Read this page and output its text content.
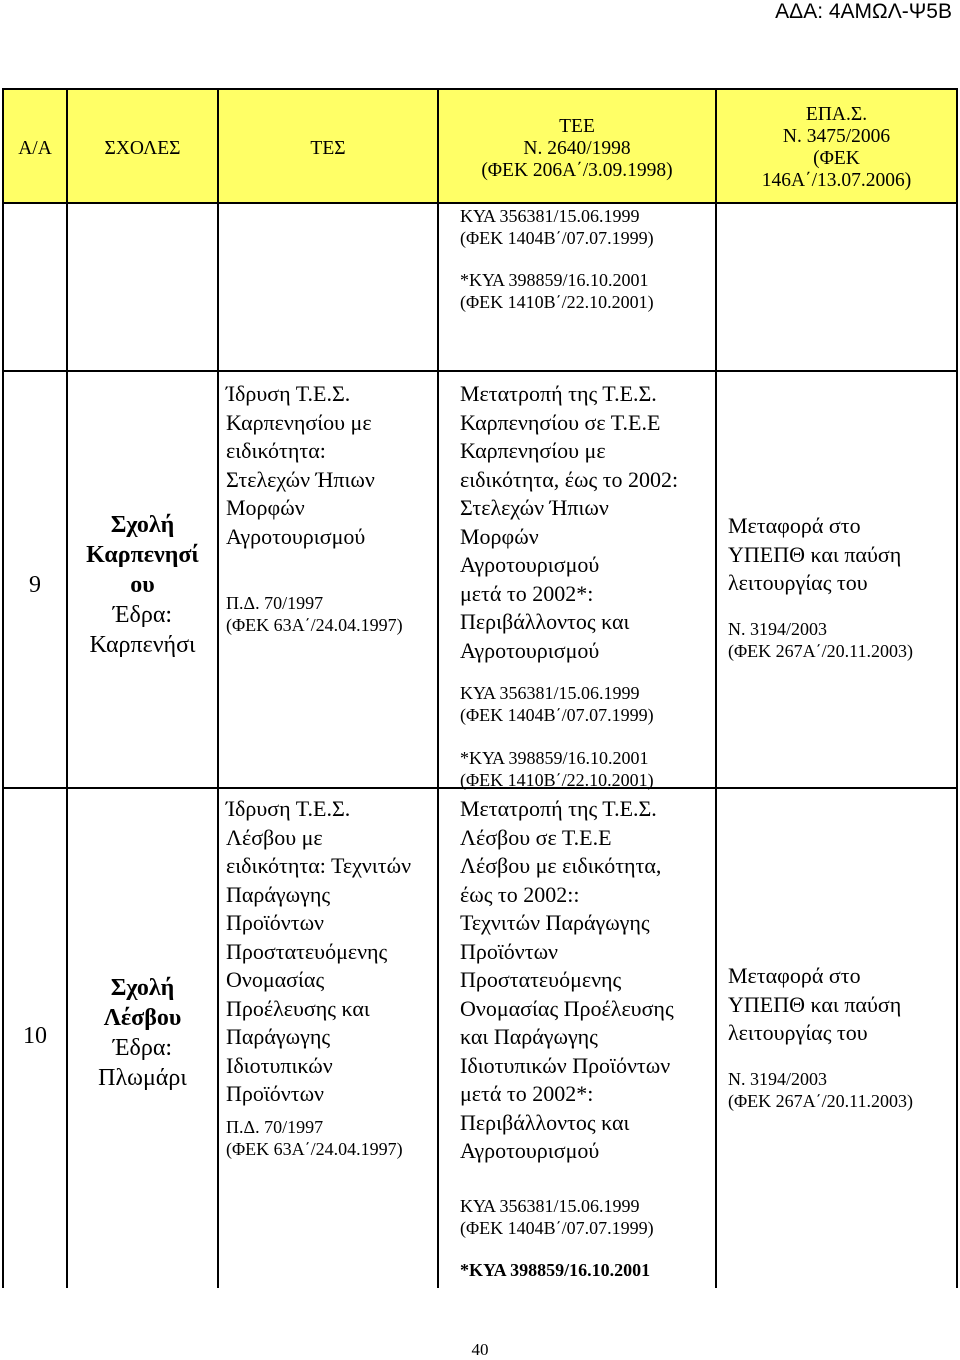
ΑΔΑ: 4ΑΜΩΛ-Ψ5Β
Α/Α	ΣΧΟΛΕΣ	ΤΕΣ
ΤΕΕ
Ν. 2640/1998
(ΦΕΚ 206Α΄/3.09.1998)
ΕΠΑ.Σ.
Ν. 3475/2006
(ΦΕΚ
146Α΄/13.07.2006)
ΚΥΑ 356381/15.06.1999
(ΦΕΚ 1404Β΄/07.07.1999)
*ΚΥΑ 398859/16.10.2001
(ΦΕΚ 1410Β΄/22.10.2001)
9
Σχολή
Καρπενησί
ου
Έδρα:
Καρπενήσι
Ίδρυση Τ.Ε.Σ.
Καρπενησίου με
ειδικότητα:
Στελεχών Ήπιων
Μορφών
Αγροτουρισμού
Π.Δ. 70/1997
(ΦΕΚ 63Α΄/24.04.1997)
Μετατροπή της Τ.Ε.Σ.
Καρπενησίου σε Τ.Ε.Ε
Καρπενησίου με
ειδικότητα, έως το 2002:
Στελεχών Ήπιων
Μορφών
Αγροτουρισμού
μετά το 2002*:
Περιβάλλοντος και
Αγροτουρισμού
ΚΥΑ 356381/15.06.1999
(ΦΕΚ 1404Β΄/07.07.1999)
*ΚΥΑ 398859/16.10.2001
(ΦΕΚ 1410Β΄/22.10.2001)
Μεταφορά στο
ΥΠΕΠΘ και παύση
λειτουργίας του
Ν. 3194/2003
(ΦΕΚ 267Α΄/20.11.2003)
10
Σχολή
Λέσβου
Έδρα:
Πλωμάρι
Ίδρυση Τ.Ε.Σ.
Λέσβου με
ειδικότητα: Τεχνιτών
Παράγωγης
Προϊόντων
Προστατευόμενης
Ονομασίας
Προέλευσης και
Παράγωγης
Ιδιοτυπικών
Προϊόντων
Π.Δ. 70/1997
(ΦΕΚ 63Α΄/24.04.1997)
Μετατροπή της Τ.Ε.Σ.
Λέσβου σε Τ.Ε.Ε
Λέσβου με ειδικότητα,
έως το 2002::
Τεχνιτών Παράγωγης
Προϊόντων
Προστατευόμενης
Ονομασίας Προέλευσης
και Παράγωγης
Ιδιοτυπικών Προϊόντων
μετά το 2002*:
Περιβάλλοντος και
Αγροτουρισμού
ΚΥΑ 356381/15.06.1999
(ΦΕΚ 1404Β΄/07.07.1999)
*ΚΥΑ 398859/16.10.2001
Μεταφορά στο
ΥΠΕΠΘ και παύση
λειτουργίας του
Ν. 3194/2003
(ΦΕΚ 267Α΄/20.11.2003)
40
